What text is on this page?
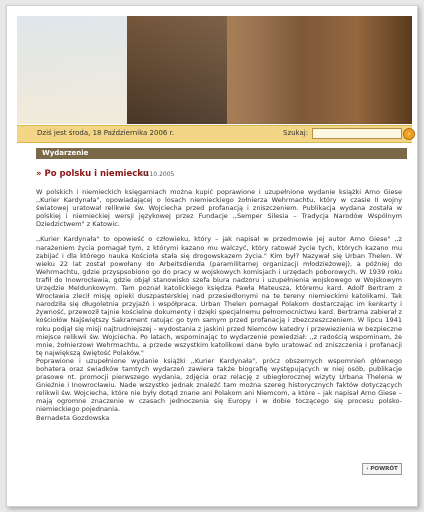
Dziś jest środa, 18 Października 2006 r.	Szukaj:	›
Wydarzenie
» Po polsku i niemiecku
10.10.2005

W polskich i niemieckich księgarniach można kupić poprawione i uzupełnione wydanie książki Arno Giese ,,Kurier Kardynała", opowiadającej o losach niemieckiego żołnierza Wehrmachtu, który w czasie II wojny światowej uratował relikwie św. Wojciecha przed profanacją i zniszczeniem. Publikacja wydana została w polskiej i niemieckiej wersji językowej przez Fundacje ,,Semper Silesia – Tradycja Narodów Wspólnym Dziedzictwem" z Katowic.

,,Kurier Kardynała" to opowieść o człowieku, który – jak napisał w przedmowie jej autor Arno Giese" ,,z narażeniem życia pomagał tym, z którymi kazano mu walczyć, który ratował życie tych, których kazano mu zabijać i dla którego naukа Kościoła stała się drogowskazem życia." Kim był? Nazywał się Urban Thelen. W wieku 22 lat został powołany do Arbeitsdienda (paramilitarnej organizacji młodzieżowej), a później do Wehrmachtu, gdzie przyspsobiono go do pracy w wojskowych komisjach i urzędach poborowych. W 1939 roku trafił do Inowrocławia, gdzie objął stanowisko szefa biura nadzoru i uzupełnienia wojskowego w Wojskowym Urzędzie Meldunkowym. Tam poznał katolickiego księdza Pawła Mateusza, któremu kard. Adolf Bertram z Wrocławia zlecił misję opieki duszpasterskiej nad przesiedlonymi na te tereny niemieckimi katolikami. Tak narodziła się długoletnia przyjaźń i współpraca. Urban Thelen pomagał Polakom dostarczając im kenkarty i żywność, przewoził tajnie kościelne dokumenty i dzięki specjalnemu pełnomocnictwu kard. Bertrama zabierał z kościołów Najświętszy Sakrament ratując go tym samym przed profanacją i zbezczeszczeniem. W lipcu 1941 roku podjął się misji najtrudniejszej - wydostania z jaskini przed Niemców katedry i przewiezienia w bezpieczne miejsce relikwii św. Wojciecha. Po latach, wspominając to wydarzenie powiedział: ,,z radością wspominam, że mnie, żołnierzowi Wehrmachtu, a przede wszystkim katolikowi dane było uratować od zniszczenia i profanacji tę największą świętość Polaków."

Poprawione i uzupełnione wydanie książki ,,Kurier Kardynała", prócz obszernych wspomnień głównego bohatera oraz świadków tamtych wydarzeń zawiera także biografię występujących w niej osób, publikacje prasowe nt. promocji pierwszego wydania, zdjęcia oraz relację z ubiegłorocznej wizyty Urbana Thelena w Gnieźnie i Inowrocławiu. Nade wszystko jednak znaleźć tam można szereg historycznych faktów dotyczących relikwii św. Wojciecha, które nie były dotąd znane ani Polakom ani Niemcom, a które – jak napisał Arno Giese – mają ogromne znaczenie w czasach jednoczenia się Europy i w dobie toczącego się procesu polsko-niemieckiego pojednania.

Bernadeta Gozdowska

‹ POWRÓT
